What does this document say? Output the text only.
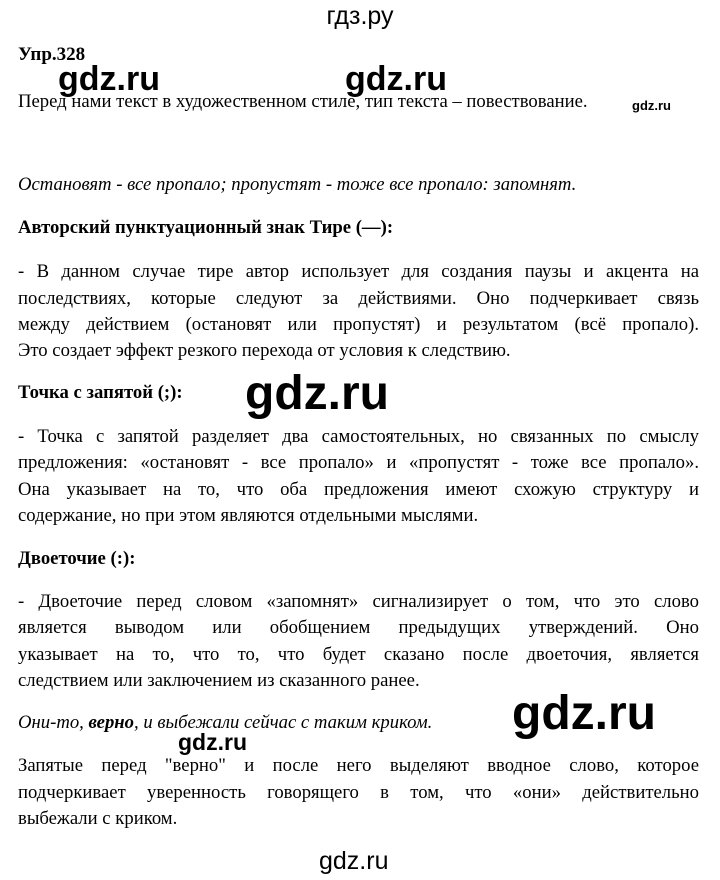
гдз.ру
Упр.328
Перед нами текст в художественном стиле, тип текста – повествование.
Остановят - все пропало; пропустят - тоже все пропало: запомнят.
Авторский пунктуационный знак Тире (—):
- В данном случае тире автор использует для создания паузы и акцента на
последствиях, которые следуют за действиями. Оно подчеркивает связь
между действием (остановят или пропустят) и результатом (всё пропало).
Это создает эффект резкого перехода от условия к следствию.
Точка с запятой (;):
- Точка с запятой разделяет два самостоятельных, но связанных по смыслу
предложения: «остановят - все пропало» и «пропустят - тоже все пропало».
Она указывает на то, что оба предложения имеют схожую структуру и
содержание, но при этом являются отдельными мыслями.
Двоеточие (:):
- Двоеточие перед словом «запомнят» сигнализирует о том, что это слово
является выводом или обобщением предыдущих утверждений. Оно
указывает на то, что то, что будет сказано после двоеточия, является
следствием или заключением из сказанного ранее.
Они-то, верно, и выбежали сейчас с таким криком.
Запятые перед "верно" и после него выделяют вводное слово, которое
подчеркивает уверенность говорящего в том, что «они» действительно
выбежали с криком.
gdz.ru	gdz.ru
gdz.ru
gdz.ru
gdz.ru
gdz.ru
gdz.ru
